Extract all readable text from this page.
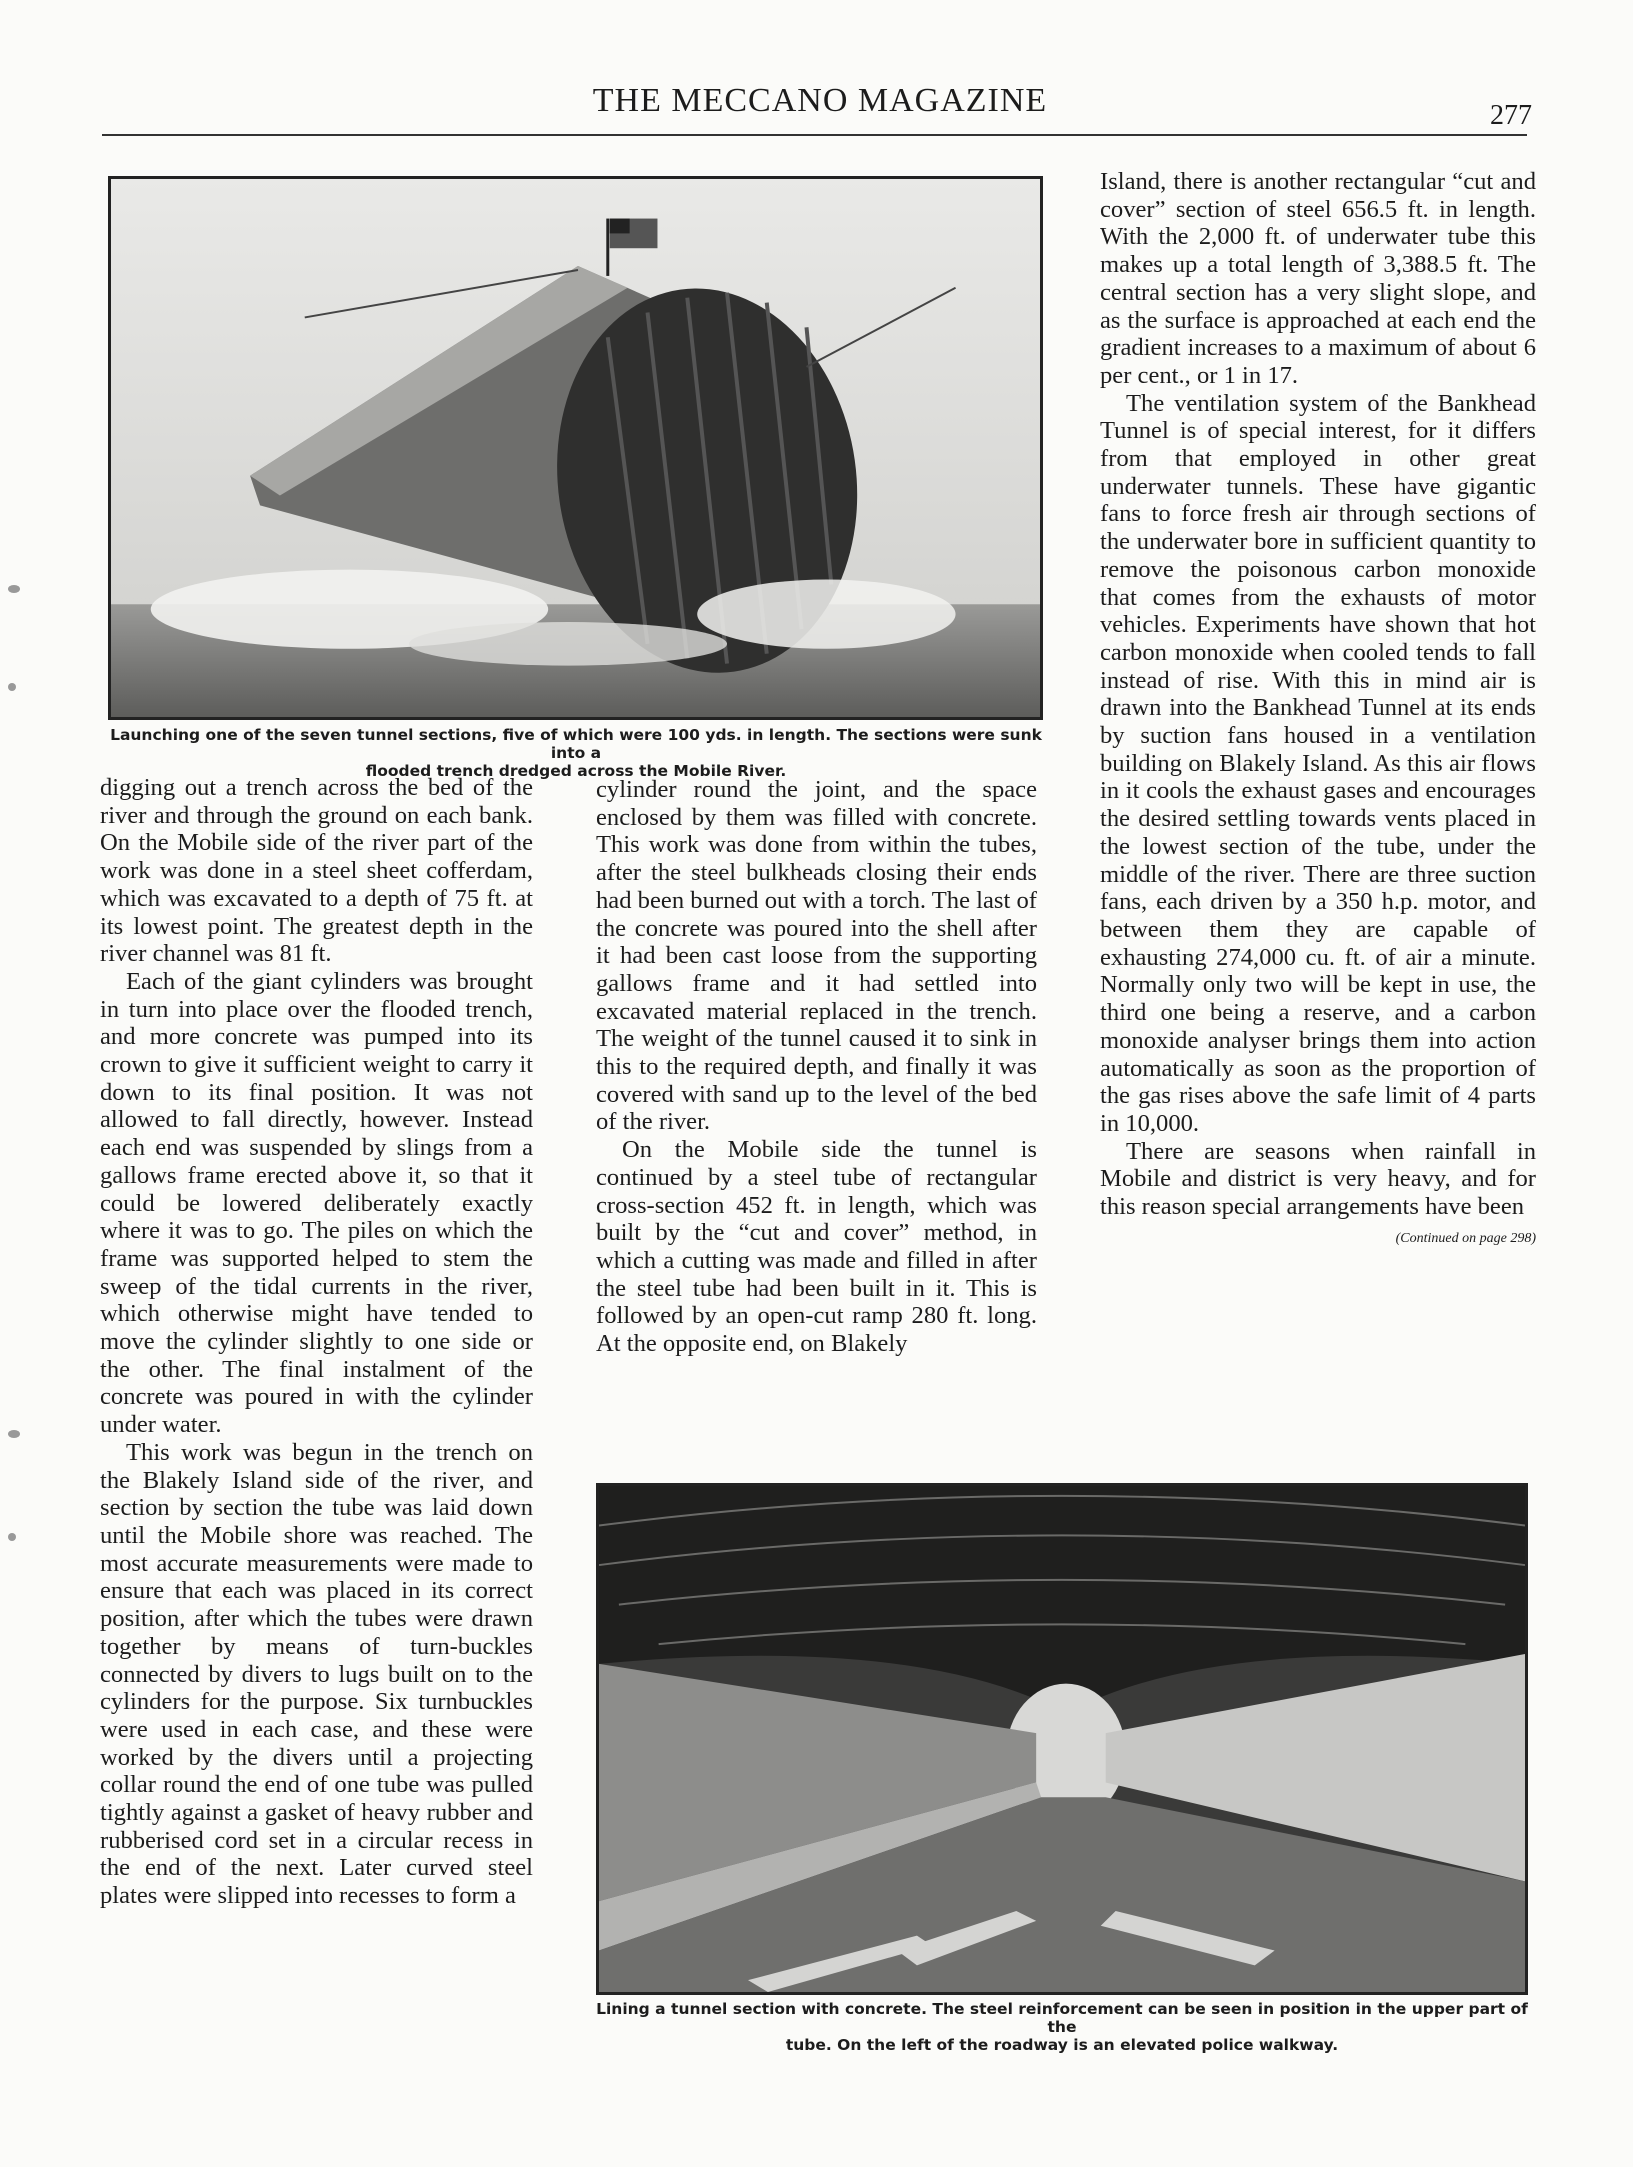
THE MECCANO MAGAZINE	277
Launching one of the seven tunnel sections, five of which were 100 yds. in length. The sections were sunk into a
flooded trench dredged across the Mobile River.
Lining a tunnel section with concrete. The steel reinforcement can be seen in position in the upper part of the
tube. On the left of the roadway is an elevated police walkway.

digging out a trench across the bed of the river and through the ground on each bank. On the Mobile side of the river part of the work was done in a steel sheet cofferdam, which was excavated to a depth of 75 ft. at its lowest point. The greatest depth in the river channel was 81 ft.

Each of the giant cylinders was brought in turn into place over the flooded trench, and more concrete was pumped into its crown to give it sufficient weight to carry it down to its final position. It was not allowed to fall directly, however. Instead each end was suspended by slings from a gallows frame erected above it, so that it could be lowered deliberately exactly where it was to go. The piles on which the frame was supported helped to stem the sweep of the tidal currents in the river, which otherwise might have tended to move the cylinder slightly to one side or the other. The final instalment of the concrete was poured in with the cylinder under water.

This work was begun in the trench on the Blakely Island side of the river, and section by section the tube was laid down until the Mobile shore was reached. The most accurate measurements were made to ensure that each was placed in its correct position, after which the tubes were drawn together by means of turn-buckles connected by divers to lugs built on to the cylinders for the purpose. Six turnbuckles were used in each case, and these were worked by the divers until a projecting collar round the end of one tube was pulled tightly against a gasket of heavy rubber and rubberised cord set in a circular recess in the end of the next. Later curved steel plates were slipped into recesses to form a

cylinder round the joint, and the space enclosed by them was filled with concrete. This work was done from within the tubes, after the steel bulkheads closing their ends had been burned out with a torch. The last of the concrete was poured into the shell after it had been cast loose from the supporting gallows frame and it had settled into excavated material replaced in the trench. The weight of the tunnel caused it to sink in this to the required depth, and finally it was covered with sand up to the level of the bed of the river.

On the Mobile side the tunnel is continued by a steel tube of rectangular cross-section 452 ft. in length, which was built by the “cut and cover” method, in which a cutting was made and filled in after the steel tube had been built in it. This is followed by an open-cut ramp 280 ft. long. At the opposite end, on Blakely

Island, there is another rectangular “cut and cover” section of steel 656.5 ft. in length. With the 2,000 ft. of underwater tube this makes up a total length of 3,388.5 ft. The central section has a very slight slope, and as the surface is approached at each end the gradient increases to a maximum of about 6 per cent., or 1 in 17.

The ventilation system of the Bankhead Tunnel is of special interest, for it differs from that employed in other great underwater tunnels. These have gigantic fans to force fresh air through sections of the underwater bore in sufficient quantity to remove the poisonous carbon monoxide that comes from the exhausts of motor vehicles. Experiments have shown that hot carbon monoxide when cooled tends to fall instead of rise. With this in mind air is drawn into the Bankhead Tunnel at its ends by suction fans housed in a ventilation building on Blakely Island. As this air flows in it cools the exhaust gases and encourages the desired settling towards vents placed in the lowest section of the tube, under the middle of the river. There are three suction fans, each driven by a 350 h.p. motor, and between them they are capable of exhausting 274,000 cu. ft. of air a minute. Normally only two will be kept in use, the third one being a reserve, and a carbon monoxide analyser brings them into action automatically as soon as the proportion of the gas rises above the safe limit of 4 parts in 10,000.

There are seasons when rainfall in Mobile and district is very heavy, and for this reason special arrangements have been

(Continued on page 298)
